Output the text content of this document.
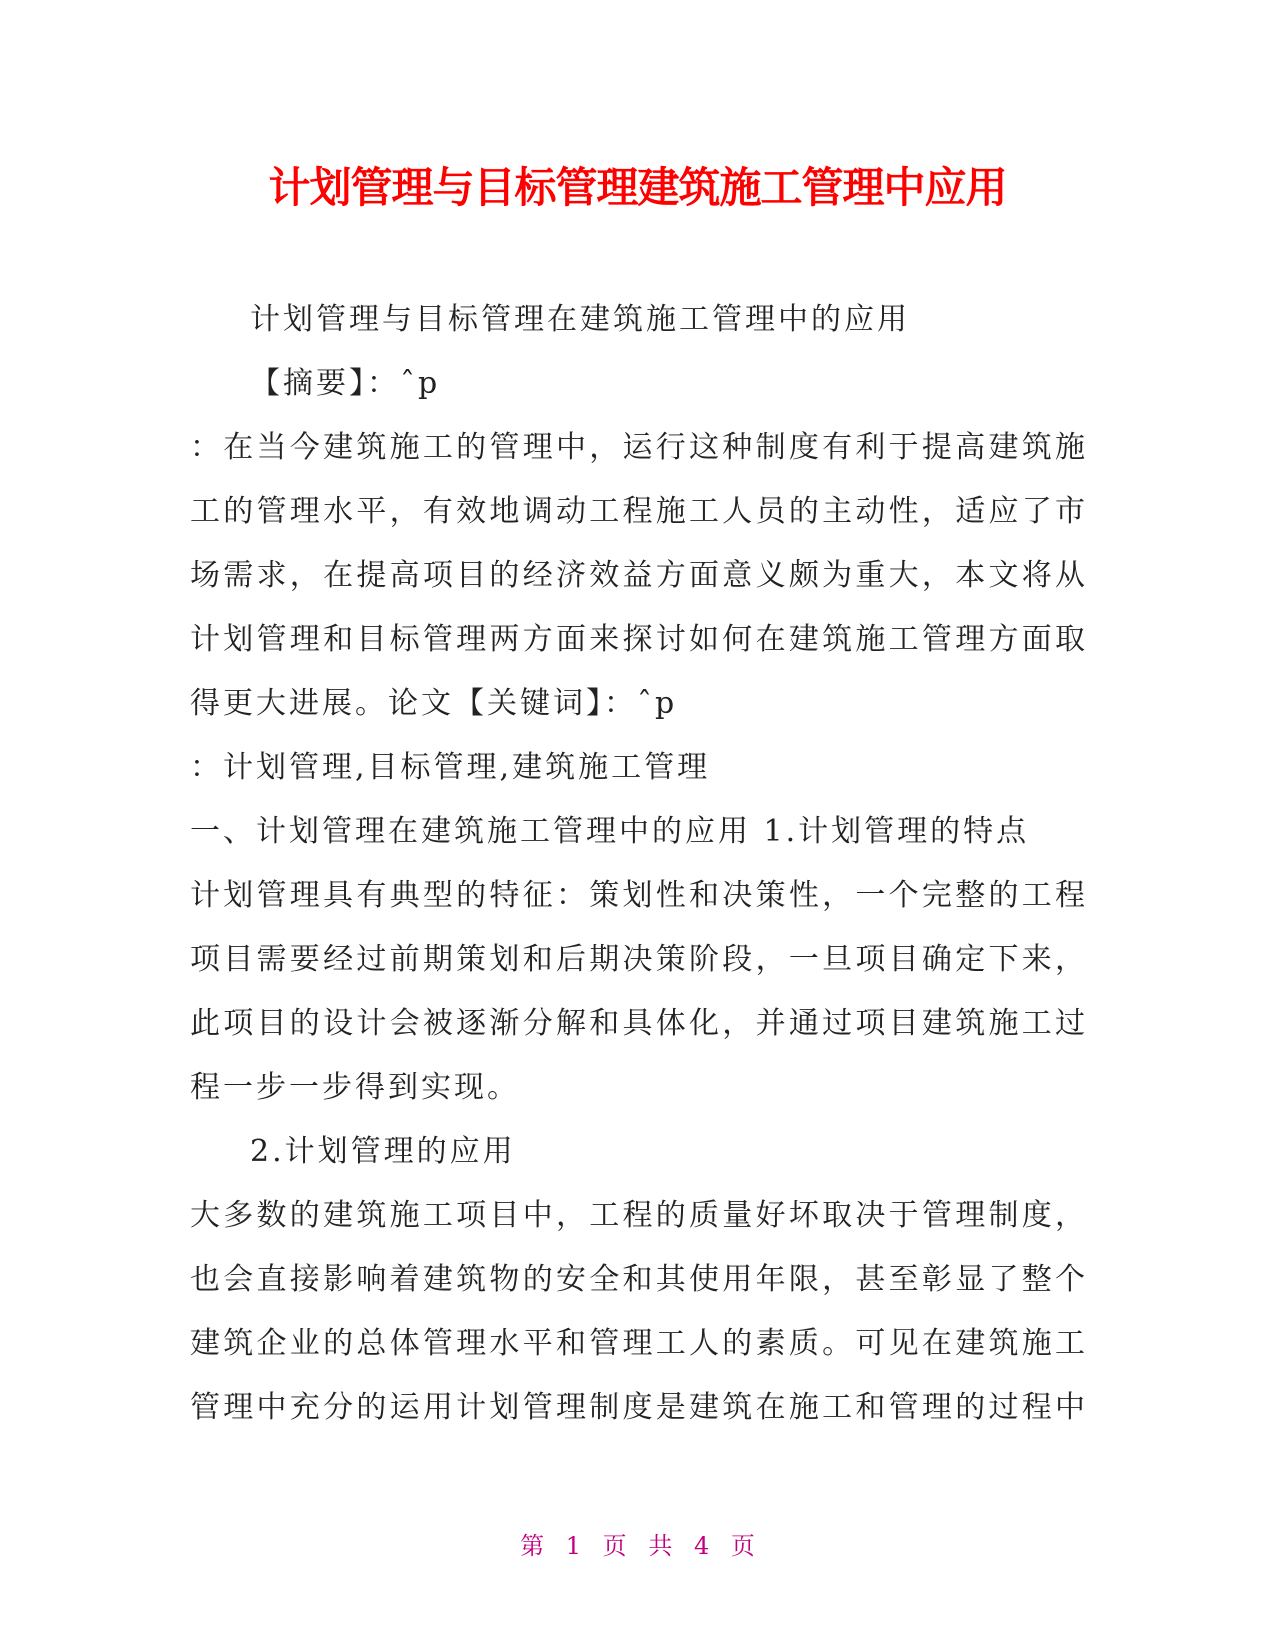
计划管理与目标管理建筑施工管理中应用

计划管理与目标管理在建筑施工管理中的应用

【摘要】：ˆp

：在当今建筑施工的管理中，运行这种制度有利于提高建筑施

工的管理水平，有效地调动工程施工人员的主动性，适应了市

场需求，在提高项目的经济效益方面意义颇为重大，本文将从

计划管理和目标管理两方面来探讨如何在建筑施工管理方面取

得更大进展。论文【关键词】：ˆp

：计划管理,目标管理,建筑施工管理

一、计划管理在建筑施工管理中的应用 1.计划管理的特点

计划管理具有典型的特征：策划性和决策性，一个完整的工程

项目需要经过前期策划和后期决策阶段，一旦项目确定下来，

此项目的设计会被逐渐分解和具体化，并通过项目建筑施工过

程一步一步得到实现。

2.计划管理的应用

大多数的建筑施工项目中，工程的质量好坏取决于管理制度，

也会直接影响着建筑物的安全和其使用年限，甚至彰显了整个

建筑企业的总体管理水平和管理工人的素质。可见在建筑施工

管理中充分的运用计划管理制度是建筑在施工和管理的过程中

第 1 页 共 4 页
